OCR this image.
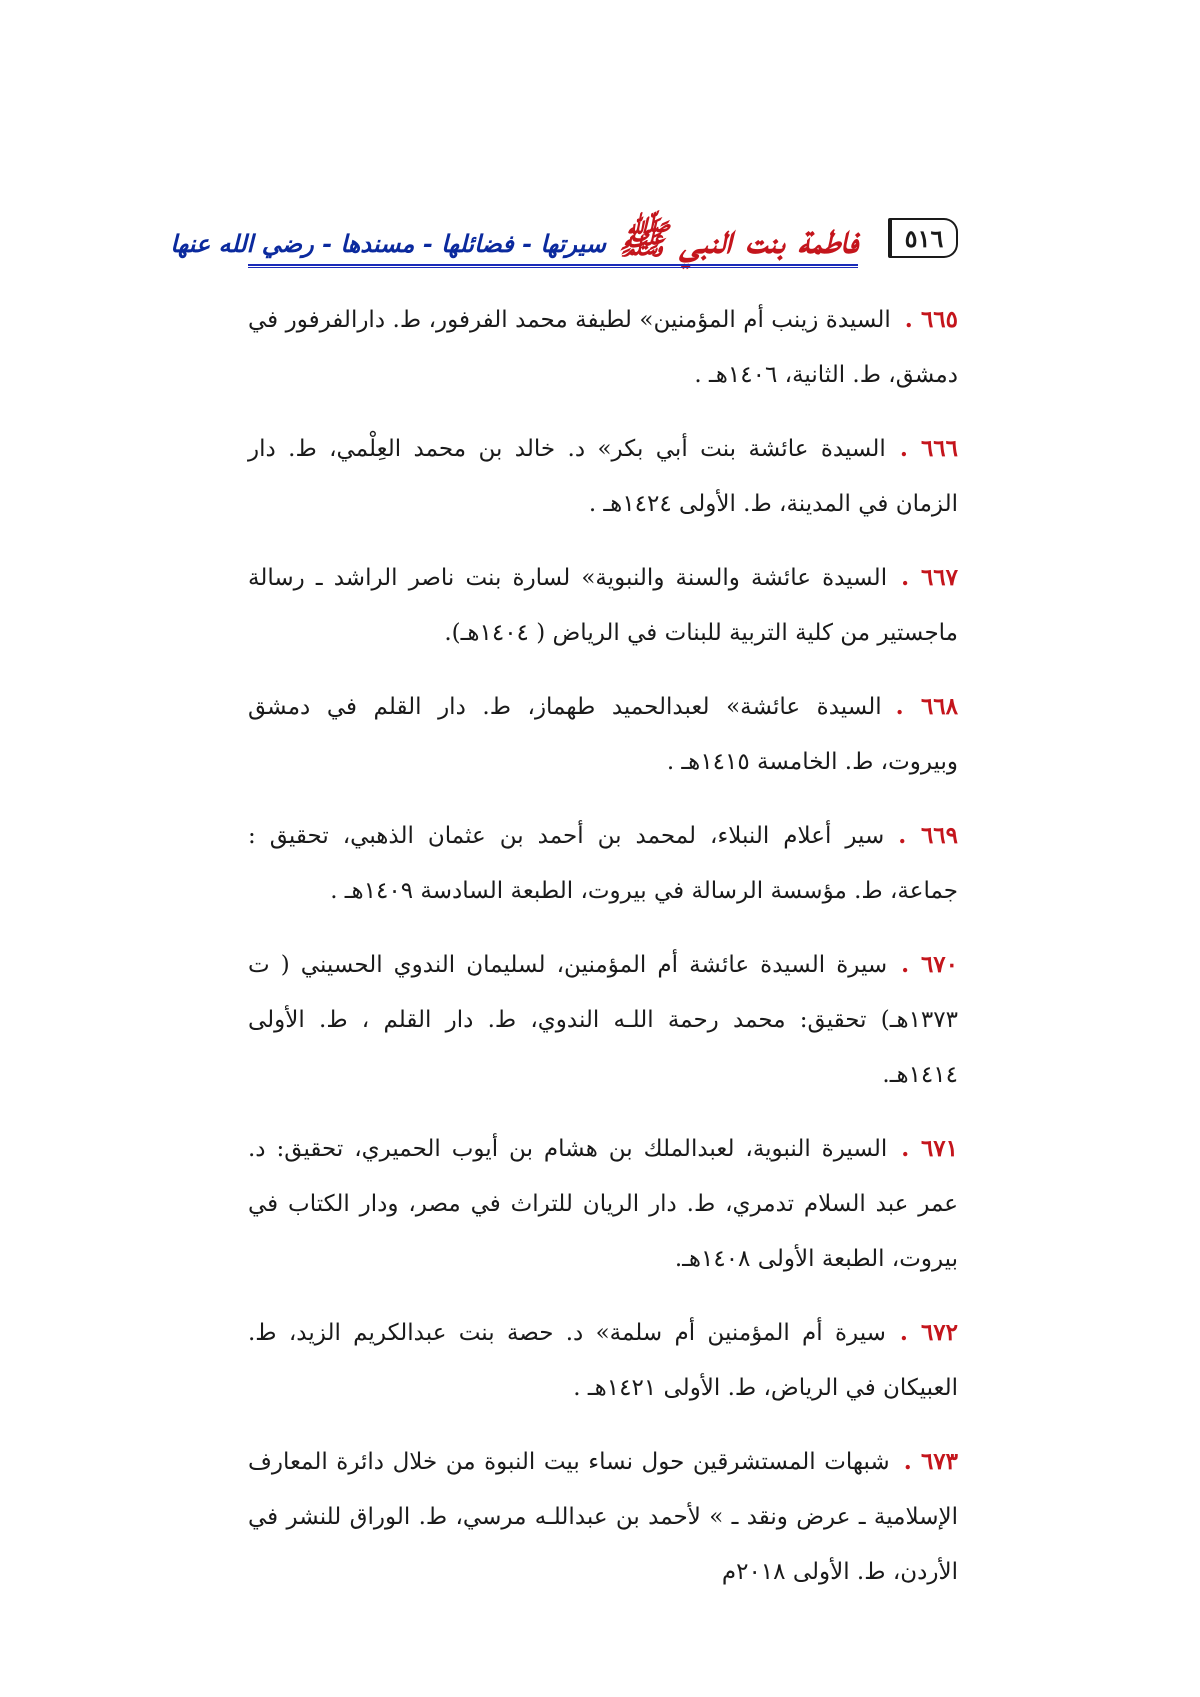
٥١٦
فاطمة بنت النبي ﷺ
سيرتها - فضائلها - مسندها - رضي الله عنها

٦٦٥ .السيدة زينب أم المؤمنين» لطيفة محمد الفرفور، ط. دارالفرفور في دمشق، ط. الثانية، ١٤٠٦هـ .

٦٦٦ .السيدة عائشة بنت أبي بكر» د. خالد بن محمد العِلْمي، ط. دار الزمان في المدينة، ط. الأولى ١٤٢٤هـ .

٦٦٧ .السيدة عائشة والسنة والنبوية» لسارة بنت ناصر الراشد ـ رسالة ماجستير من كلية التربية للبنات في الرياض ( ١٤٠٤هـ).

٦٦٨ .السيدة عائشة» لعبدالحميد طهماز، ط. دار القلم في دمشق وبيروت، ط. الخامسة ١٤١٥هـ .

٦٦٩ .سير أعلام النبلاء، لمحمد بن أحمد بن عثمان الذهبي، تحقيق : جماعة، ط. مؤسسة الرسالة في بيروت، الطبعة السادسة ١٤٠٩هـ .

٦٧٠ .سيرة السيدة عائشة أم المؤمنين، لسليمان الندوي الحسيني ( ت ١٣٧٣هـ) تحقيق: محمد رحمة اللـه الندوي، ط. دار القلم ، ط. الأولى ١٤١٤هـ.

٦٧١ .السيرة النبوية، لعبدالملك بن هشام بن أيوب الحميري، تحقيق: د. عمر عبد السلام تدمري، ط. دار الريان للتراث في مصر، ودار الكتاب في بيروت، الطبعة الأولى ١٤٠٨هـ.

٦٧٢ .سيرة أم المؤمنين أم سلمة» د. حصة بنت عبدالكريم الزيد، ط. العبيكان في الرياض، ط. الأولى ١٤٢١هـ .

٦٧٣ .شبهات المستشرقين حول نساء بيت النبوة من خلال دائرة المعارف الإسلامية ـ عرض ونقد ـ » لأحمد بن عبداللـه مرسي، ط. الوراق للنشر في الأردن، ط. الأولى ٢٠١٨م
